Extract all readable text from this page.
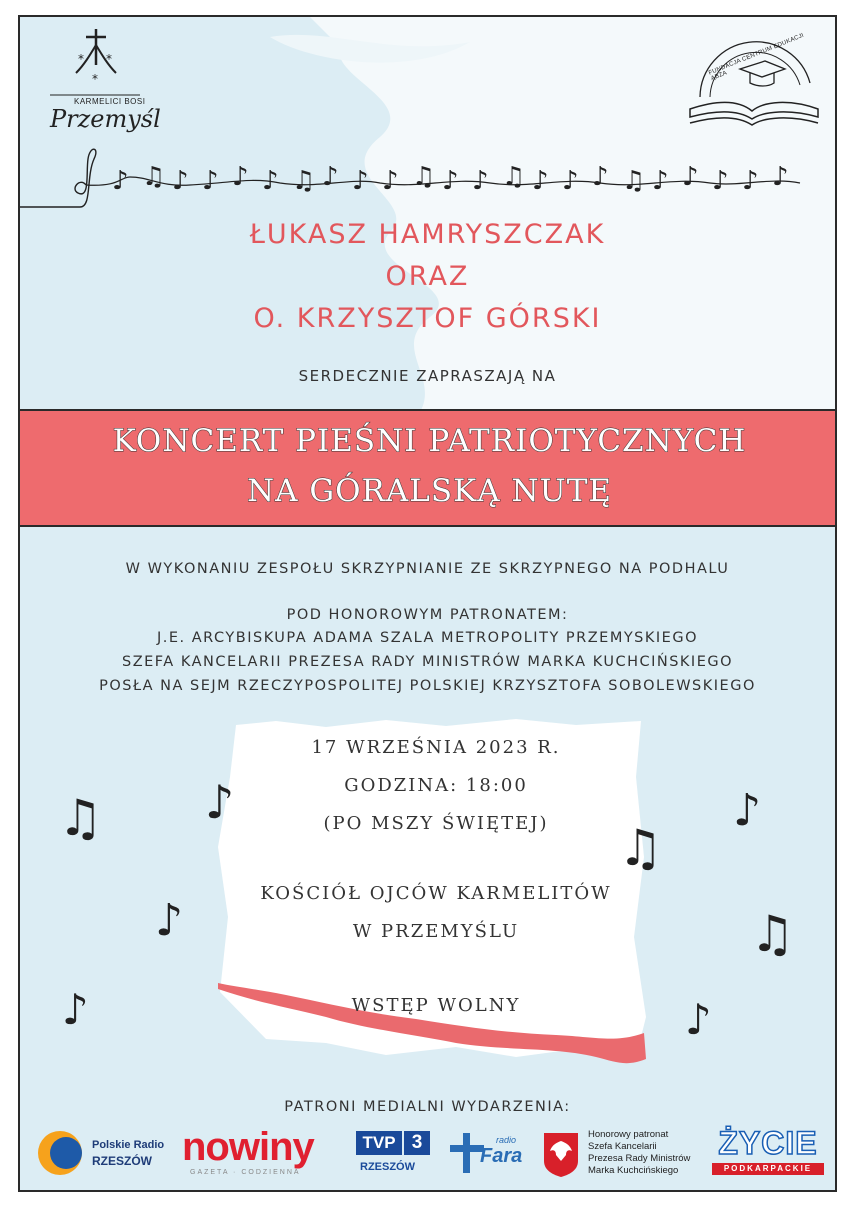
* *
*
KARMELICI BOSI
Przemyśl
FUNDACJA CENTRUM EDUKACJI ĄBZA
♪ ♫ ♪ ♪ ♪ ♪ ♫ ♪ ♪ ♪ ♫ ♪ ♪ ♫ ♪ ♪ ♪ ♫ ♪ ♪ ♪ ♪ ♪
ŁUKASZ HAMRYSZCZAK
ORAZ
O. KRZYSZTOF GÓRSKI
SERDECZNIE ZAPRASZAJĄ NA
KONCERT PIEŚNI PATRIOTYCZNYCH
NA GÓRALSKĄ NUTĘ
W WYKONANIU ZESPOŁU SKRZYPNIANIE ZE SKRZYPNEGO NA PODHALU
POD HONOROWYM PATRONATEM:
J.E. ARCYBISKUPA ADAMA SZALA METROPOLITY PRZEMYSKIEGO
SZEFA KANCELARII PREZESA RADY MINISTRÓW MARKA KUCHCIŃSKIEGO
POSŁA NA SEJM RZECZYPOSPOLITEJ POLSKIEJ KRZYSZTOFA SOBOLEWSKIEGO
17 WRZEŚNIA 2023 R.
GODZINA: 18:00
(PO MSZY ŚWIĘTEJ)
KOŚCIÓŁ OJCÓW KARMELITÓW
W PRZEMYŚLU
WSTĘP WOLNY
♫ ♪
♪
♪
♫
♪
♫
♪
PATRONI MEDIALNI WYDARZENIA:
Polskie Radio
RZESZÓW nowiny
GAZETA · CODZIENNA
TVP 3
RZESZÓW
radio
Fara
Honorowy patronat
Szefa Kancelarii
Prezesa Rady Ministrów
Marka Kuchcińskiego
ŻYCIE
PODKARPACKIE
